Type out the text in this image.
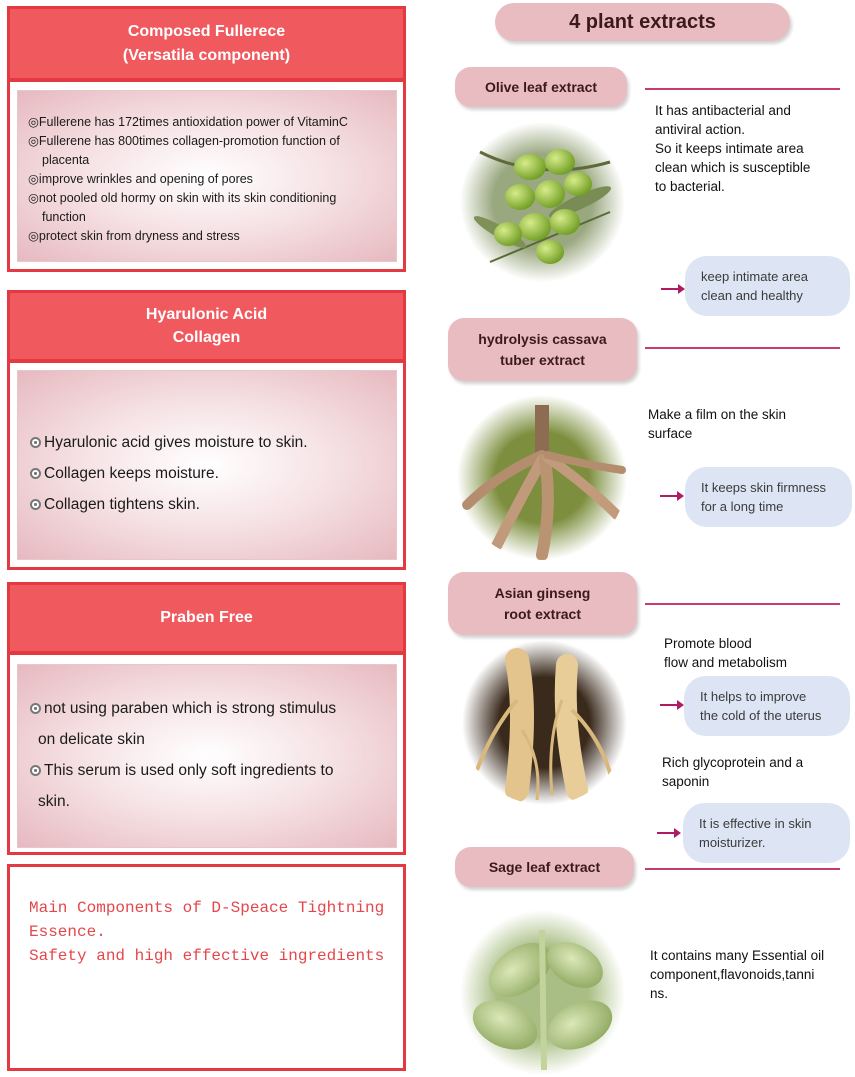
Composed Fullerece
(Versatila component)
◎Fullerene has 172times antioxidation power of VitaminC
◎Fullerene has 800times collagen-promotion function of
placenta
◎improve wrinkles and opening of pores
◎not pooled old hormy on skin with its skin conditioning
function
◎protect skin from dryness and stress
Hyarulonic Acid
Collagen
Hyarulonic acid gives moisture to skin.
Collagen keeps moisture.
Collagen tightens skin.
Praben Free
not using paraben which is strong stimulus
on delicate skin
This serum is used only soft ingredients to
skin.
Main Components of D-Speace Tightning
Essence.
Safety and high effective ingredients
4 plant extracts
Olive leaf extract
It has antibacterial and
antiviral action.
So it keeps intimate area
clean which is susceptible
to bacterial.
keep intimate area
clean and healthy
hydrolysis cassava
tuber extract
Make a film on the skin
surface
It keeps skin firmness
for a long time
Asian ginseng
root extract
Promote blood
flow and metabolism
It helps to improve
the cold of the uterus
Rich glycoprotein and a
saponin
It is effective in skin
moisturizer.
Sage leaf extract
It contains many Essential oil
component,flavonoids,tanni
ns.
